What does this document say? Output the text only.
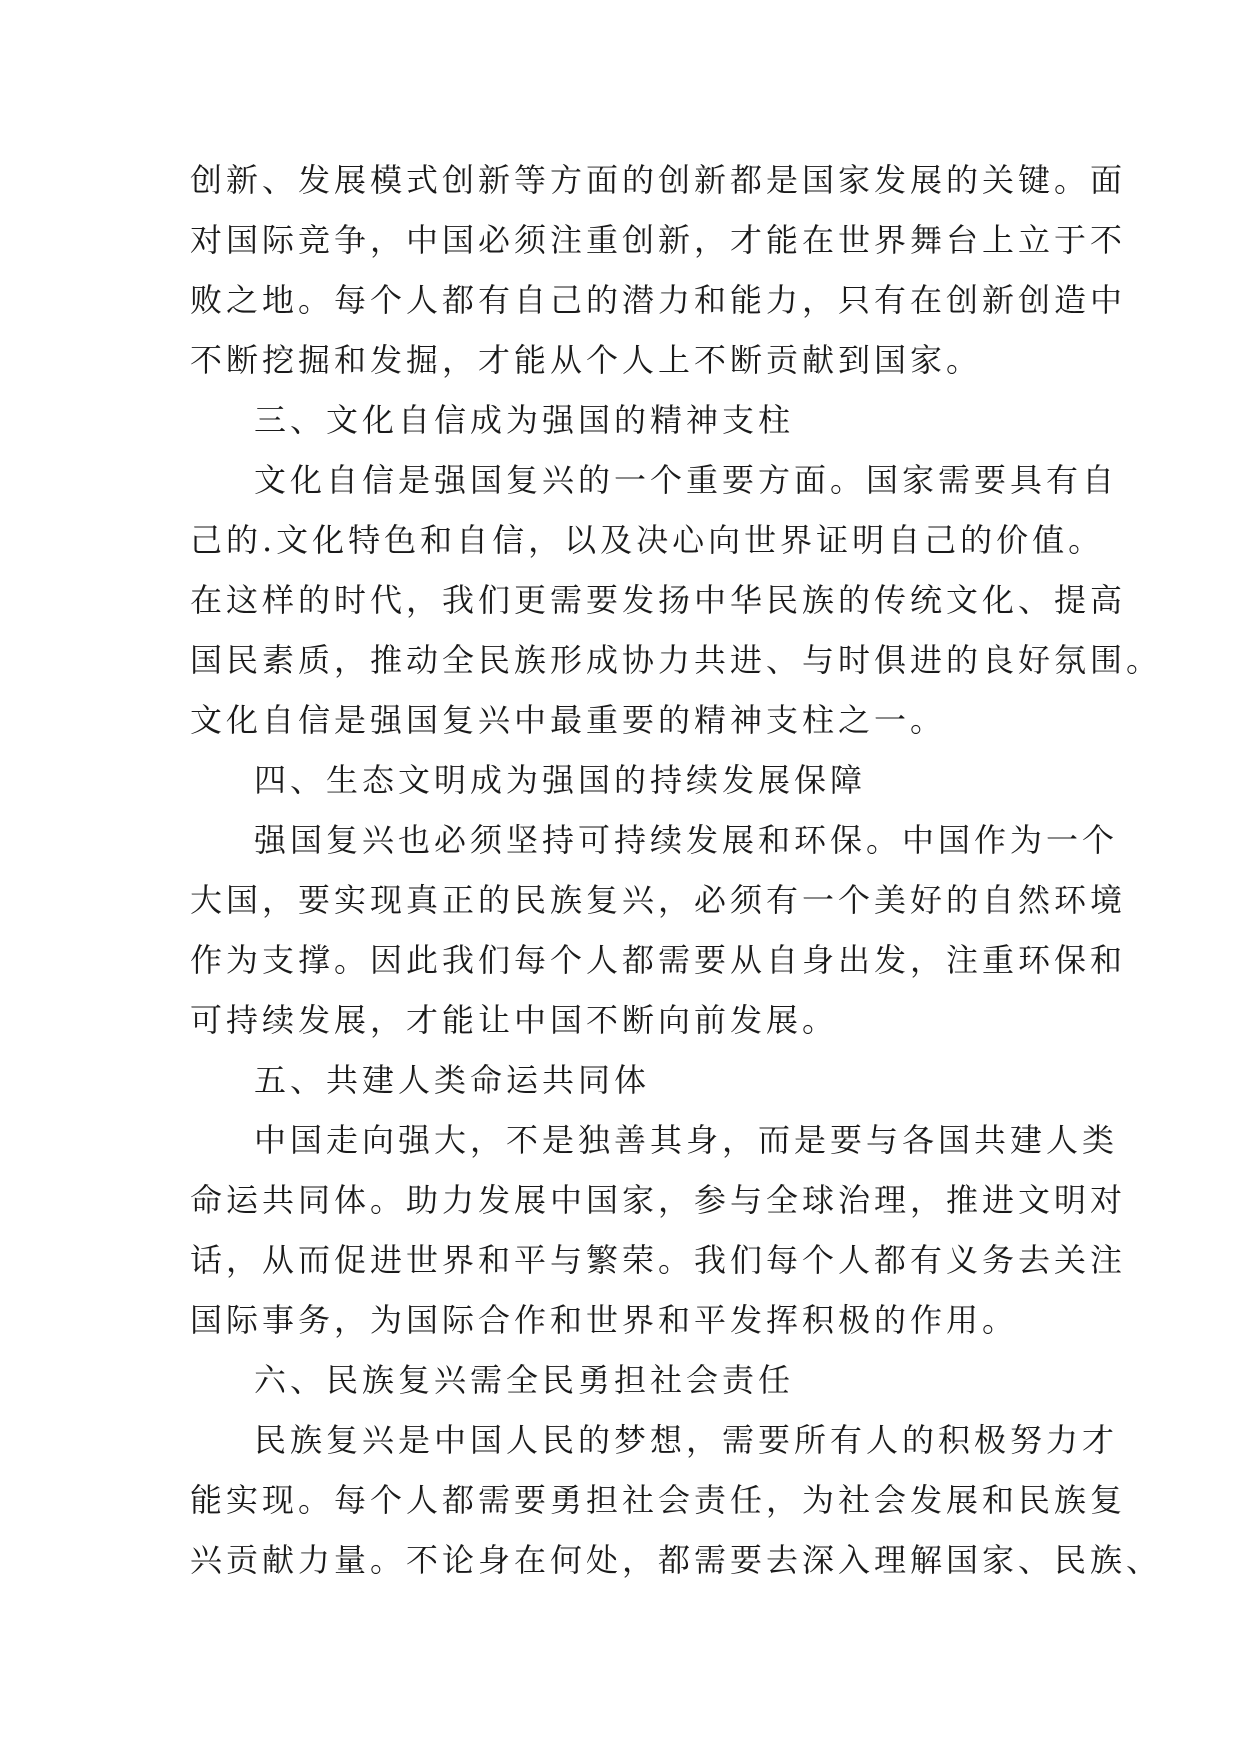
创新、发展模式创新等方面的创新都是国家发展的关键。面
对国际竞争，中国必须注重创新，才能在世界舞台上立于不
败之地。每个人都有自己的潜力和能力，只有在创新创造中
不断挖掘和发掘，才能从个人上不断贡献到国家。
三、文化自信成为强国的精神支柱
文化自信是强国复兴的一个重要方面。国家需要具有自
己的.文化特色和自信，以及决心向世界证明自己的价值。
在这样的时代，我们更需要发扬中华民族的传统文化、提高
国民素质，推动全民族形成协力共进、与时俱进的良好氛围。
文化自信是强国复兴中最重要的精神支柱之一。
四、生态文明成为强国的持续发展保障
强国复兴也必须坚持可持续发展和环保。中国作为一个
大国，要实现真正的民族复兴，必须有一个美好的自然环境
作为支撑。因此我们每个人都需要从自身出发，注重环保和
可持续发展，才能让中国不断向前发展。
五、共建人类命运共同体
中国走向强大，不是独善其身，而是要与各国共建人类
命运共同体。助力发展中国家，参与全球治理，推进文明对
话，从而促进世界和平与繁荣。我们每个人都有义务去关注
国际事务，为国际合作和世界和平发挥积极的作用。
六、民族复兴需全民勇担社会责任
民族复兴是中国人民的梦想，需要所有人的积极努力才
能实现。每个人都需要勇担社会责任，为社会发展和民族复
兴贡献力量。不论身在何处，都需要去深入理解国家、民族、
